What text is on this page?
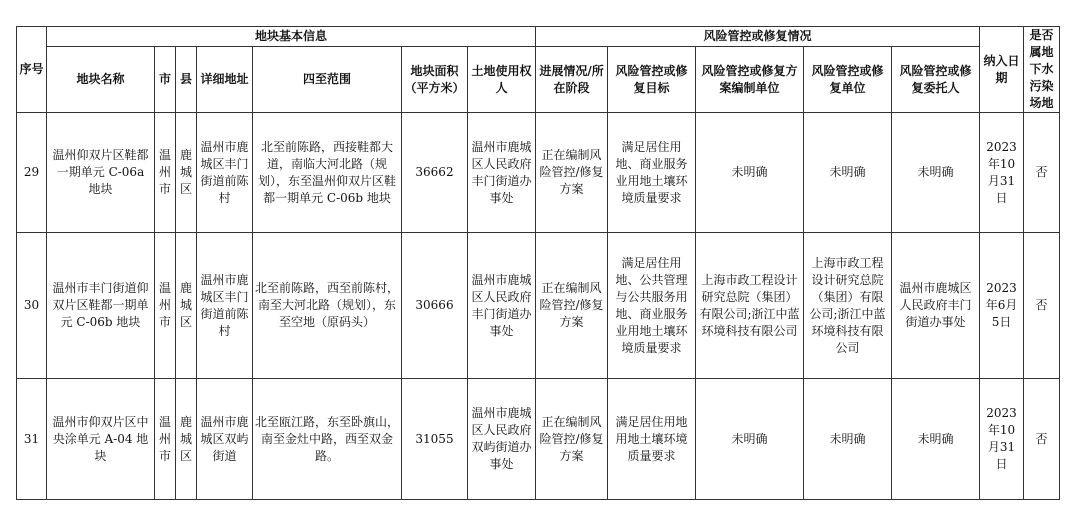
序号	地块基本信息							风险管控或修复情况					纳入日期	是否属地下水污染场地
	地块名称	市	县	详细地址	四至范围	地块面积（平方米）	土地使用权人	进展情况/所在阶段	风险管控或修复目标	风险管控或修复方案编制单位	风险管控或修复单位	风险管控或修复委托人		
29	温州仰双片区鞋都一期单元 C-06a 地块	温州市	鹿城区	温州市鹿城区丰门街道前陈村	北至前陈路，西接鞋都大道，南临大河北路（规划），东至温州仰双片区鞋都一期单元 C-06b 地块	36662	温州市鹿城区人民政府丰门街道办事处	正在编制风险管控/修复方案	满足居住用地、商业服务业用地土壤环境质量要求	未明确	未明确	未明确	2023年10月31日	否
30	温州市丰门街道仰双片区鞋都一期单元 C-06b 地块	温州市	鹿城区	温州市鹿城区丰门街道前陈村	北至前陈路，西至前陈村，南至大河北路（规划），东至空地（原码头）	30666	温州市鹿城区人民政府丰门街道办事处	正在编制风险管控/修复方案	满足居住用地、公共管理与公共服务用地、商业服务业用地土壤环境质量要求	上海市政工程设计研究总院（集团）有限公司;浙江中蓝环境科技有限公司	上海市政工程设计研究总院（集团）有限公司;浙江中蓝环境科技有限公司	温州市鹿城区人民政府丰门街道办事处	2023年6月5日	否
31	温州市仰双片区中央涂单元 A-04 地块	温州市	鹿城区	温州市鹿城区双屿街道	北至瓯江路，东至卧旗山，南至金灶中路，西至双金路。	31055	温州市鹿城区人民政府双屿街道办事处	正在编制风险管控/修复方案	满足居住用地用地土壤环境质量要求	未明确	未明确	未明确	2023年10月31日	否
